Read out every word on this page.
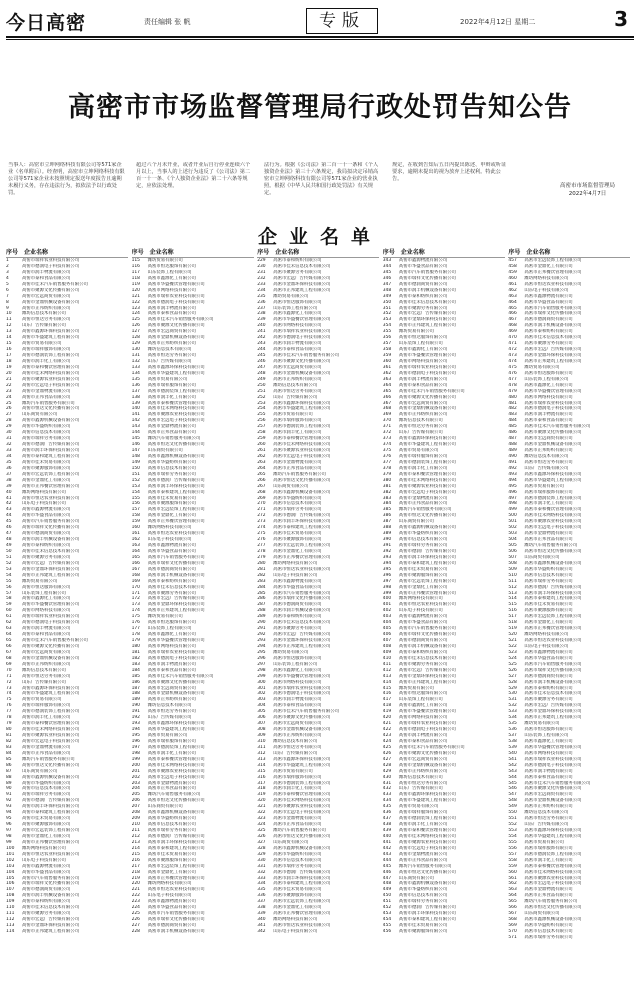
今日高密	责任编辑 张 帆	专版	2022年4月12日 星期二	3
高密市市场监督管理局行政处罚告知公告
当事人：高密市立坤网络科技有限公司等571家企业（名单附后）。经查明，高密市立坤网络科技有限公司等571家企业未按照规定报送年度报告且逾期未履行义务，存在违法行为，拟依法予以行政处罚。
超过六个月未开业，或者开业后自行停业连续六个月以上，当事人的上述行为违反了《公司法》第二百一十一条、《个人独资企业法》第二十六条等规定，应依法处理。
法行为。根据《公司法》第二百一十一条和《个人独资企业法》第三十六条规定，我局拟决定吊销高密市立坤网络科技有限公司等571家企业的营业执照。根据《中华人民共和国行政处罚法》有关规定。
规定，在收到告知后五日内提出陈述、申辩或听证要求，逾期未提出的视为放弃上述权利。特此公告。
高密市市场监督管理局
2022年4月7日
企业名单
序号 企业名称
1	高密市瑞祥农业科技有限公司
2	高密市德润电子科技有限公司
3	高密市润丰物流有限公司
4	高密市泰和食品有限公司
5	高密市佳禾汽车销售服务有限公司
6	高密市聚源文化传播有限公司
7	高密市宏远商贸有限公司
8	高密市金鼎机械设备有限公司
9	高密市正邦纺织有限公司
10 潍坊信息技术有限公司
11 高密市恒达劳务有限公司
12 山东广告传媒有限公司
13 高密市鑫源环保科技有限公司
14 高密市华盛建筑工程有限公司
15 高密市贸易有限公司
16 高密市瑞祥服饰有限公司
17 高密市德润装饰工程有限公司
18 高密市润丰化工有限公司
19 高密市泰和餐饮管理有限公司
20 高密市佳禾网络科技有限公司
21 高密市聚源农业科技有限公司
22 高密市宏远电子科技有限公司
23 高密市金鼎物流有限公司
24 高密市正邦食品有限公司
25 潍坊汽车销售服务有限公司
26 高密市恒达文化传播有限公司
27 山东商贸有限公司
28 高密市鑫源机械设备有限公司
29 高密市华盛纺织有限公司
30 高密市信息技术有限公司
31 高密市瑞祥劳务有限公司
32 高密市德润广告传媒有限公司
33 高密市润丰环保科技有限公司
34 高密市泰和建筑工程有限公司
35 高密市佳禾贸易有限公司
36 高密市聚源服饰有限公司
37 高密市宏远装饰工程有限公司
38 高密市金鼎化工有限公司
39 高密市正邦餐饮管理有限公司
40 潍坊网络科技有限公司
41 高密市恒达农业科技有限公司
42 山东电子科技有限公司
43 高密市鑫源物流有限公司
44 高密市华盛食品有限公司
45 高密市汽车销售服务有限公司
46 高密市瑞祥文化传播有限公司
47 高密市德润商贸有限公司
48 高密市润丰机械设备有限公司
49 高密市泰和纺织有限公司
50 高密市佳禾信息技术有限公司
51 高密市聚源劳务有限公司
52 高密市宏远广告传媒有限公司
53 高密市金鼎环保科技有限公司
54 高密市正邦建筑工程有限公司
55 潍坊贸易有限公司
56 高密市恒达服饰有限公司
57 山东装饰工程有限公司
58 高密市鑫源化工有限公司
59 高密市华盛餐饮管理有限公司
60 高密市网络科技有限公司
61 高密市瑞祥农业科技有限公司
62 高密市德润电子科技有限公司
63 高密市润丰物流有限公司
64 高密市泰和食品有限公司
65 高密市佳禾汽车销售服务有限公司
66 高密市聚源文化传播有限公司
67 高密市宏远商贸有限公司
68 高密市金鼎机械设备有限公司
69 高密市正邦纺织有限公司
70 潍坊信息技术有限公司
71 高密市恒达劳务有限公司
72 山东广告传媒有限公司
73 高密市鑫源环保科技有限公司
74 高密市华盛建筑工程有限公司
75 高密市贸易有限公司
76 高密市瑞祥服饰有限公司
77 高密市德润装饰工程有限公司
78 高密市润丰化工有限公司
79 高密市泰和餐饮管理有限公司
80 高密市佳禾网络科技有限公司
81 高密市聚源农业科技有限公司
82 高密市宏远电子科技有限公司
83 高密市金鼎物流有限公司
84 高密市正邦食品有限公司
85 潍坊汽车销售服务有限公司
86 高密市恒达文化传播有限公司
87 山东商贸有限公司
88 高密市鑫源机械设备有限公司
89 高密市华盛纺织有限公司
90 高密市信息技术有限公司
91 高密市瑞祥劳务有限公司
92 高密市德润广告传媒有限公司
93 高密市润丰环保科技有限公司
94 高密市泰和建筑工程有限公司
95 高密市佳禾贸易有限公司
96 高密市聚源服饰有限公司
97 高密市宏远装饰工程有限公司
98 高密市金鼎化工有限公司
99 高密市正邦餐饮管理有限公司
100 潍坊网络科技有限公司
101 高密市恒达农业科技有限公司
102 山东电子科技有限公司
103 高密市鑫源物流有限公司
104 高密市华盛食品有限公司
105 高密市汽车销售服务有限公司
106 高密市瑞祥文化传播有限公司
107 高密市德润商贸有限公司
108 高密市润丰机械设备有限公司
109 高密市泰和纺织有限公司
110 高密市佳禾信息技术有限公司
111 高密市聚源劳务有限公司
112 高密市宏远广告传媒有限公司
113 高密市金鼎环保科技有限公司
114 高密市正邦建筑工程有限公司
序号 企业名称
115 潍坊贸易有限公司
116 高密市恒达服饰有限公司
117 山东装饰工程有限公司
118 高密市鑫源化工有限公司
119 高密市华盛餐饮管理有限公司
120 高密市网络科技有限公司
121 高密市瑞祥农业科技有限公司
122 高密市德润电子科技有限公司
123 高密市润丰物流有限公司
124 高密市泰和食品有限公司
125 高密市佳禾汽车销售服务有限公司
126 高密市聚源文化传播有限公司
127 高密市宏远商贸有限公司
128 高密市金鼎机械设备有限公司
129 高密市正邦纺织有限公司
130 潍坊信息技术有限公司
131 高密市恒达劳务有限公司
132 山东广告传媒有限公司
133 高密市鑫源环保科技有限公司
134 高密市华盛建筑工程有限公司
135 高密市贸易有限公司
136 高密市瑞祥服饰有限公司
137 高密市德润装饰工程有限公司
138 高密市润丰化工有限公司
139 高密市泰和餐饮管理有限公司
140 高密市佳禾网络科技有限公司
141 高密市聚源农业科技有限公司
142 高密市宏远电子科技有限公司
143 高密市金鼎物流有限公司
144 高密市正邦食品有限公司
145 潍坊汽车销售服务有限公司
146 高密市恒达文化传播有限公司
147 山东商贸有限公司
148 高密市鑫源机械设备有限公司
149 高密市华盛纺织有限公司
150 高密市信息技术有限公司
151 高密市瑞祥劳务有限公司
152 高密市德润广告传媒有限公司
153 高密市润丰环保科技有限公司
154 高密市泰和建筑工程有限公司
155 高密市佳禾贸易有限公司
156 高密市聚源服饰有限公司
157 高密市宏远装饰工程有限公司
158 高密市金鼎化工有限公司
159 高密市正邦餐饮管理有限公司
160 潍坊网络科技有限公司
161 高密市恒达农业科技有限公司
162 山东电子科技有限公司
163 高密市鑫源物流有限公司
164 高密市华盛食品有限公司
165 高密市汽车销售服务有限公司
166 高密市瑞祥文化传播有限公司
167 高密市德润商贸有限公司
168 高密市润丰机械设备有限公司
169 高密市泰和纺织有限公司
170 高密市佳禾信息技术有限公司
171 高密市聚源劳务有限公司
172 高密市宏远广告传媒有限公司
173 高密市金鼎环保科技有限公司
174 高密市正邦建筑工程有限公司
175 潍坊贸易有限公司
176 高密市恒达服饰有限公司
177 山东装饰工程有限公司
178 高密市鑫源化工有限公司
179 高密市华盛餐饮管理有限公司
180 高密市网络科技有限公司
181 高密市瑞祥农业科技有限公司
182 高密市德润电子科技有限公司
183 高密市润丰物流有限公司
184 高密市泰和食品有限公司
185 高密市佳禾汽车销售服务有限公司
186 高密市聚源文化传播有限公司
187 高密市宏远商贸有限公司
188 高密市金鼎机械设备有限公司
189 高密市正邦纺织有限公司
190 潍坊信息技术有限公司
191 高密市恒达劳务有限公司
192 山东广告传媒有限公司
193 高密市鑫源环保科技有限公司
194 高密市华盛建筑工程有限公司
195 高密市贸易有限公司
196 高密市瑞祥服饰有限公司
197 高密市德润装饰工程有限公司
198 高密市润丰化工有限公司
199 高密市泰和餐饮管理有限公司
200 高密市佳禾网络科技有限公司
201 高密市聚源农业科技有限公司
202 高密市宏远电子科技有限公司
203 高密市金鼎物流有限公司
204 高密市正邦食品有限公司
205 潍坊汽车销售服务有限公司
206 高密市恒达文化传播有限公司
207 山东商贸有限公司
208 高密市鑫源机械设备有限公司
209 高密市华盛纺织有限公司
210 高密市信息技术有限公司
211 高密市瑞祥劳务有限公司
212 高密市德润广告传媒有限公司
213 高密市润丰环保科技有限公司
214 高密市泰和建筑工程有限公司
215 高密市佳禾贸易有限公司
216 高密市聚源服饰有限公司
217 高密市宏远装饰工程有限公司
218 高密市金鼎化工有限公司
219 高密市正邦餐饮管理有限公司
220 潍坊网络科技有限公司
221 高密市恒达农业科技有限公司
222 山东电子科技有限公司
223 高密市鑫源物流有限公司
224 高密市华盛食品有限公司
225 高密市汽车销售服务有限公司
226 高密市瑞祥文化传播有限公司
227 高密市德润商贸有限公司
228 高密市润丰机械设备有限公司
序号 企业名称
229 高密市泰和纺织有限公司
230 高密市佳禾信息技术有限公司
231 高密市聚源劳务有限公司
232 高密市宏远广告传媒有限公司
233 高密市金鼎环保科技有限公司
234 高密市正邦建筑工程有限公司
235 潍坊贸易有限公司
236 高密市恒达服饰有限公司
237 山东装饰工程有限公司
238 高密市鑫源化工有限公司
239 高密市华盛餐饮管理有限公司
240 高密市网络科技有限公司
241 高密市瑞祥农业科技有限公司
242 高密市德润电子科技有限公司
243 高密市润丰物流有限公司
244 高密市泰和食品有限公司
245 高密市佳禾汽车销售服务有限公司
246 高密市聚源文化传播有限公司
247 高密市宏远商贸有限公司
248 高密市金鼎机械设备有限公司
249 高密市正邦纺织有限公司
250 潍坊信息技术有限公司
251 高密市恒达劳务有限公司
252 山东广告传媒有限公司
253 高密市鑫源环保科技有限公司
254 高密市华盛建筑工程有限公司
255 高密市贸易有限公司
256 高密市瑞祥服饰有限公司
257 高密市德润装饰工程有限公司
258 高密市润丰化工有限公司
259 高密市泰和餐饮管理有限公司
260 高密市佳禾网络科技有限公司
261 高密市聚源农业科技有限公司
262 高密市宏远电子科技有限公司
263 高密市金鼎物流有限公司
264 高密市正邦食品有限公司
265 潍坊汽车销售服务有限公司
266 高密市恒达文化传播有限公司
267 山东商贸有限公司
268 高密市鑫源机械设备有限公司
269 高密市华盛纺织有限公司
270 高密市信息技术有限公司
271 高密市瑞祥劳务有限公司
272 高密市德润广告传媒有限公司
273 高密市润丰环保科技有限公司
274 高密市泰和建筑工程有限公司
275 高密市佳禾贸易有限公司
276 高密市聚源服饰有限公司
277 高密市宏远装饰工程有限公司
278 高密市金鼎化工有限公司
279 高密市正邦餐饮管理有限公司
280 潍坊网络科技有限公司
281 高密市恒达农业科技有限公司
282 山东电子科技有限公司
283 高密市鑫源物流有限公司
284 高密市华盛食品有限公司
285 高密市汽车销售服务有限公司
286 高密市瑞祥文化传播有限公司
287 高密市德润商贸有限公司
288 高密市润丰机械设备有限公司
289 高密市泰和纺织有限公司
290 高密市佳禾信息技术有限公司
291 高密市聚源劳务有限公司
292 高密市宏远广告传媒有限公司
293 高密市金鼎环保科技有限公司
294 高密市正邦建筑工程有限公司
295 潍坊贸易有限公司
296 高密市恒达服饰有限公司
297 山东装饰工程有限公司
298 高密市鑫源化工有限公司
299 高密市华盛餐饮管理有限公司
300 高密市网络科技有限公司
301 高密市瑞祥农业科技有限公司
302 高密市德润电子科技有限公司
303 高密市润丰物流有限公司
304 高密市泰和食品有限公司
305 高密市佳禾汽车销售服务有限公司
306 高密市聚源文化传播有限公司
307 高密市宏远商贸有限公司
308 高密市金鼎机械设备有限公司
309 高密市正邦纺织有限公司
310 潍坊信息技术有限公司
311 高密市恒达劳务有限公司
312 山东广告传媒有限公司
313 高密市鑫源环保科技有限公司
314 高密市华盛建筑工程有限公司
315 高密市贸易有限公司
316 高密市瑞祥服饰有限公司
317 高密市德润装饰工程有限公司
318 高密市润丰化工有限公司
319 高密市泰和餐饮管理有限公司
320 高密市佳禾网络科技有限公司
321 高密市聚源农业科技有限公司
322 高密市宏远电子科技有限公司
323 高密市金鼎物流有限公司
324 高密市正邦食品有限公司
325 潍坊汽车销售服务有限公司
326 高密市恒达文化传播有限公司
327 山东商贸有限公司
328 高密市鑫源机械设备有限公司
329 高密市华盛纺织有限公司
330 高密市信息技术有限公司
331 高密市瑞祥劳务有限公司
332 高密市德润广告传媒有限公司
333 高密市润丰环保科技有限公司
334 高密市泰和建筑工程有限公司
335 高密市佳禾贸易有限公司
336 高密市聚源服饰有限公司
337 高密市宏远装饰工程有限公司
338 高密市金鼎化工有限公司
339 高密市正邦餐饮管理有限公司
340 潍坊网络科技有限公司
341 高密市恒达农业科技有限公司
342 山东电子科技有限公司
序号 企业名称
343 高密市鑫源物流有限公司
344 高密市华盛食品有限公司
345 高密市汽车销售服务有限公司
346 高密市瑞祥文化传播有限公司
347 高密市德润商贸有限公司
348 高密市润丰机械设备有限公司
349 高密市泰和纺织有限公司
350 高密市佳禾信息技术有限公司
351 高密市聚源劳务有限公司
352 高密市宏远广告传媒有限公司
353 高密市金鼎环保科技有限公司
354 高密市正邦建筑工程有限公司
355 潍坊贸易有限公司
356 高密市恒达服饰有限公司
357 山东装饰工程有限公司
358 高密市鑫源化工有限公司
359 高密市华盛餐饮管理有限公司
360 高密市网络科技有限公司
361 高密市瑞祥农业科技有限公司
362 高密市德润电子科技有限公司
363 高密市润丰物流有限公司
364 高密市泰和食品有限公司
365 高密市佳禾汽车销售服务有限公司
366 高密市聚源文化传播有限公司
367 高密市宏远商贸有限公司
368 高密市金鼎机械设备有限公司
369 高密市正邦纺织有限公司
370 潍坊信息技术有限公司
371 高密市恒达劳务有限公司
372 山东广告传媒有限公司
373 高密市鑫源环保科技有限公司
374 高密市华盛建筑工程有限公司
375 高密市贸易有限公司
376 高密市瑞祥服饰有限公司
377 高密市德润装饰工程有限公司
378 高密市润丰化工有限公司
379 高密市泰和餐饮管理有限公司
380 高密市佳禾网络科技有限公司
381 高密市聚源农业科技有限公司
382 高密市宏远电子科技有限公司
383 高密市金鼎物流有限公司
384 高密市正邦食品有限公司
385 潍坊汽车销售服务有限公司
386 高密市恒达文化传播有限公司
387 山东商贸有限公司
388 高密市鑫源机械设备有限公司
389 高密市华盛纺织有限公司
390 高密市信息技术有限公司
391 高密市瑞祥劳务有限公司
392 高密市德润广告传媒有限公司
393 高密市润丰环保科技有限公司
394 高密市泰和建筑工程有限公司
395 高密市佳禾贸易有限公司
396 高密市聚源服饰有限公司
397 高密市宏远装饰工程有限公司
398 高密市金鼎化工有限公司
399 高密市正邦餐饮管理有限公司
400 潍坊网络科技有限公司
401 高密市恒达农业科技有限公司
402 山东电子科技有限公司
403 高密市鑫源物流有限公司
404 高密市华盛食品有限公司
405 高密市汽车销售服务有限公司
406 高密市瑞祥文化传播有限公司
407 高密市德润商贸有限公司
408 高密市润丰机械设备有限公司
409 高密市泰和纺织有限公司
410 高密市佳禾信息技术有限公司
411 高密市聚源劳务有限公司
412 高密市宏远广告传媒有限公司
413 高密市金鼎环保科技有限公司
414 高密市正邦建筑工程有限公司
415 潍坊贸易有限公司
416 高密市恒达服饰有限公司
417 山东装饰工程有限公司
418 高密市鑫源化工有限公司
419 高密市华盛餐饮管理有限公司
420 高密市网络科技有限公司
421 高密市瑞祥农业科技有限公司
422 高密市德润电子科技有限公司
423 高密市润丰物流有限公司
424 高密市泰和食品有限公司
425 高密市佳禾汽车销售服务有限公司
426 高密市聚源文化传播有限公司
427 高密市宏远商贸有限公司
428 高密市金鼎机械设备有限公司
429 高密市正邦纺织有限公司
430 潍坊信息技术有限公司
431 高密市恒达劳务有限公司
432 山东广告传媒有限公司
433 高密市鑫源环保科技有限公司
434 高密市华盛建筑工程有限公司
435 高密市贸易有限公司
436 高密市瑞祥服饰有限公司
437 高密市德润装饰工程有限公司
438 高密市润丰化工有限公司
439 高密市泰和餐饮管理有限公司
440 高密市佳禾网络科技有限公司
441 高密市聚源农业科技有限公司
442 高密市宏远电子科技有限公司
443 高密市金鼎物流有限公司
444 高密市正邦食品有限公司
445 潍坊汽车销售服务有限公司
446 高密市恒达文化传播有限公司
447 山东商贸有限公司
448 高密市鑫源机械设备有限公司
449 高密市华盛纺织有限公司
450 高密市信息技术有限公司
451 高密市瑞祥劳务有限公司
452 高密市德润广告传媒有限公司
453 高密市润丰环保科技有限公司
454 高密市泰和建筑工程有限公司
455 高密市佳禾贸易有限公司
456 高密市聚源服饰有限公司
序号 企业名称
457 高密市宏远装饰工程有限公司
458 高密市金鼎化工有限公司
459 高密市正邦餐饮管理有限公司
460 潍坊网络科技有限公司
461 高密市恒达农业科技有限公司
462 山东电子科技有限公司
463 高密市鑫源物流有限公司
464 高密市华盛食品有限公司
465 高密市汽车销售服务有限公司
466 高密市瑞祥文化传播有限公司
467 高密市德润商贸有限公司
468 高密市润丰机械设备有限公司
469 高密市泰和纺织有限公司
470 高密市佳禾信息技术有限公司
471 高密市聚源劳务有限公司
472 高密市宏远广告传媒有限公司
473 高密市金鼎环保科技有限公司
474 高密市正邦建筑工程有限公司
475 潍坊贸易有限公司
476 高密市恒达服饰有限公司
477 山东装饰工程有限公司
478 高密市鑫源化工有限公司
479 高密市华盛餐饮管理有限公司
480 高密市网络科技有限公司
481 高密市瑞祥农业科技有限公司
482 高密市德润电子科技有限公司
483 高密市润丰物流有限公司
484 高密市泰和食品有限公司
485 高密市佳禾汽车销售服务有限公司
486 高密市聚源文化传播有限公司
487 高密市宏远商贸有限公司
488 高密市金鼎机械设备有限公司
489 高密市正邦纺织有限公司
490 潍坊信息技术有限公司
491 高密市恒达劳务有限公司
492 山东广告传媒有限公司
493 高密市鑫源环保科技有限公司
494 高密市华盛建筑工程有限公司
495 高密市贸易有限公司
496 高密市瑞祥服饰有限公司
497 高密市德润装饰工程有限公司
498 高密市润丰化工有限公司
499 高密市泰和餐饮管理有限公司
500 高密市佳禾网络科技有限公司
501 高密市聚源农业科技有限公司
502 高密市宏远电子科技有限公司
503 高密市金鼎物流有限公司
504 高密市正邦食品有限公司
505 潍坊汽车销售服务有限公司
506 高密市恒达文化传播有限公司
507 山东商贸有限公司
508 高密市鑫源机械设备有限公司
509 高密市华盛纺织有限公司
510 高密市信息技术有限公司
511 高密市瑞祥劳务有限公司
512 高密市德润广告传媒有限公司
513 高密市润丰环保科技有限公司
514 高密市泰和建筑工程有限公司
515 高密市佳禾贸易有限公司
516 高密市聚源服饰有限公司
517 高密市宏远装饰工程有限公司
518 高密市金鼎化工有限公司
519 高密市正邦餐饮管理有限公司
520 潍坊网络科技有限公司
521 高密市恒达农业科技有限公司
522 山东电子科技有限公司
523 高密市鑫源物流有限公司
524 高密市华盛食品有限公司
525 高密市汽车销售服务有限公司
526 高密市瑞祥文化传播有限公司
527 高密市德润商贸有限公司
528 高密市润丰机械设备有限公司
529 高密市泰和纺织有限公司
530 高密市佳禾信息技术有限公司
531 高密市聚源劳务有限公司
532 高密市宏远广告传媒有限公司
533 高密市金鼎环保科技有限公司
534 高密市正邦建筑工程有限公司
535 潍坊贸易有限公司
536 高密市恒达服饰有限公司
537 山东装饰工程有限公司
538 高密市鑫源化工有限公司
539 高密市华盛餐饮管理有限公司
540 高密市网络科技有限公司
541 高密市瑞祥农业科技有限公司
542 高密市德润电子科技有限公司
543 高密市润丰物流有限公司
544 高密市泰和食品有限公司
545 高密市佳禾汽车销售服务有限公司
546 高密市聚源文化传播有限公司
547 高密市宏远商贸有限公司
548 高密市金鼎机械设备有限公司
549 高密市正邦纺织有限公司
550 潍坊信息技术有限公司
551 高密市恒达劳务有限公司
552 山东广告传媒有限公司
553 高密市鑫源环保科技有限公司
554 高密市华盛建筑工程有限公司
555 高密市贸易有限公司
556 高密市瑞祥服饰有限公司
557 高密市德润装饰工程有限公司
558 高密市润丰化工有限公司
559 高密市泰和餐饮管理有限公司
560 高密市佳禾网络科技有限公司
561 高密市聚源农业科技有限公司
562 高密市宏远电子科技有限公司
563 高密市金鼎物流有限公司
564 高密市正邦食品有限公司
565 潍坊汽车销售服务有限公司
566 高密市恒达文化传播有限公司
567 山东商贸有限公司
568 高密市鑫源机械设备有限公司
569 高密市华盛纺织有限公司
570 高密市信息技术有限公司
571 高密市瑞祥劳务有限公司
